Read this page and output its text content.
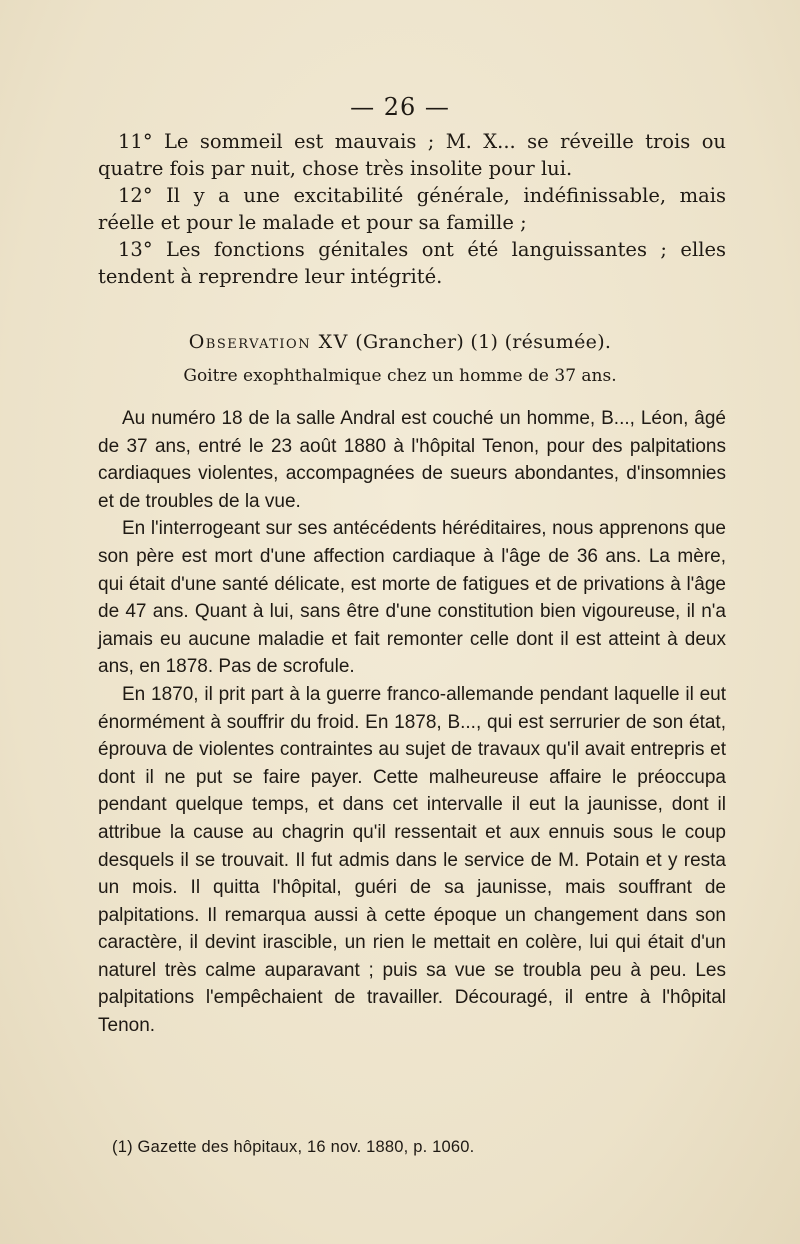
— 26 —

11° Le sommeil est mauvais ; M. X... se réveille trois ou quatre fois par nuit, chose très insolite pour lui.

12° Il y a une excitabilité générale, indéfinissable, mais réelle et pour le malade et pour sa famille ;

13° Les fonctions génitales ont été languissantes ; elles tendent à reprendre leur intégrité.

Observation XV (Grancher) (1) (résumée).
Goitre exophthalmique chez un homme de 37 ans.

Au numéro 18 de la salle Andral est couché un homme, B..., Léon, âgé de 37 ans, entré le 23 août 1880 à l'hôpital Tenon, pour des palpitations cardiaques violentes, accompagnées de sueurs abondantes, d'insomnies et de troubles de la vue.

En l'interrogeant sur ses antécédents héréditaires, nous apprenons que son père est mort d'une affection cardiaque à l'âge de 36 ans. La mère, qui était d'une santé délicate, est morte de fatigues et de privations à l'âge de 47 ans. Quant à lui, sans être d'une constitution bien vigoureuse, il n'a jamais eu aucune maladie et fait remonter celle dont il est atteint à deux ans, en 1878. Pas de scrofule.

En 1870, il prit part à la guerre franco-allemande pendant laquelle il eut énormément à souffrir du froid. En 1878, B..., qui est serrurier de son état, éprouva de violentes contraintes au sujet de travaux qu'il avait entrepris et dont il ne put se faire payer. Cette malheureuse affaire le préoccupa pendant quelque temps, et dans cet intervalle il eut la jaunisse, dont il attribue la cause au chagrin qu'il ressentait et aux ennuis sous le coup desquels il se trouvait. Il fut admis dans le service de M. Potain et y resta un mois. Il quitta l'hôpital, guéri de sa jaunisse, mais souffrant de palpitations. Il remarqua aussi à cette époque un changement dans son caractère, il devint irascible, un rien le mettait en colère, lui qui était d'un naturel très calme auparavant ; puis sa vue se troubla peu à peu. Les palpitations l'empêchaient de travailler. Découragé, il entre à l'hôpital Tenon.

(1) Gazette des hôpitaux, 16 nov. 1880, p. 1060.
